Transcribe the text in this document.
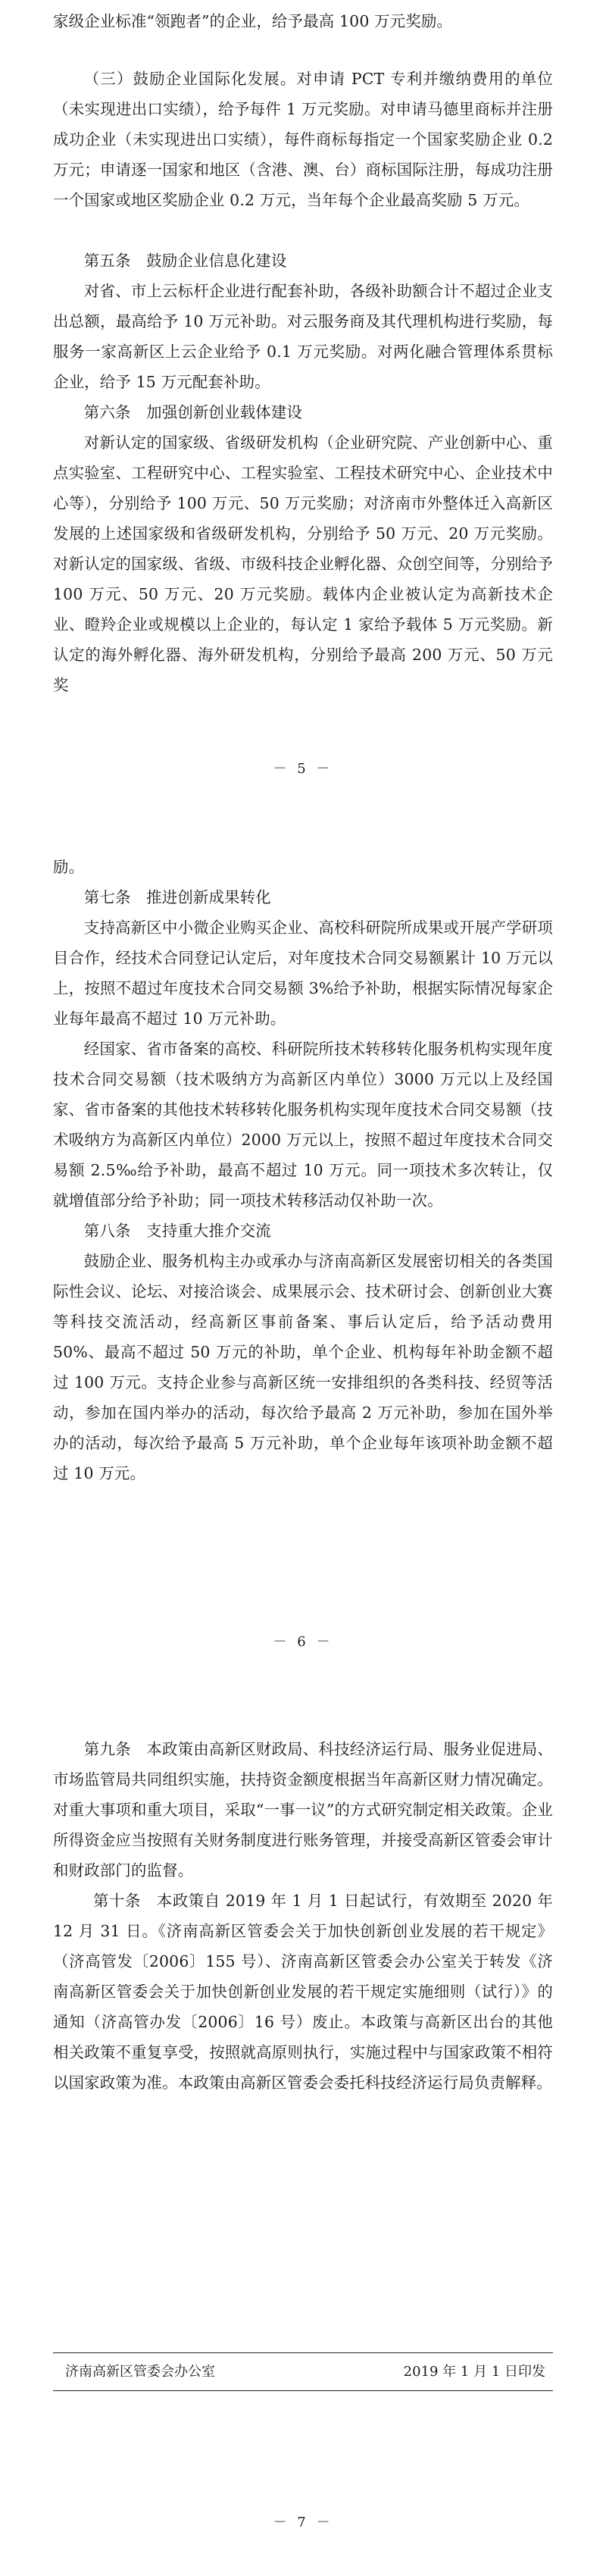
家级企业标准“领跑者”的企业，给予最高 100 万元奖励。

（三）鼓励企业国际化发展。对申请 PCT 专利并缴纳费用的单位（未实现进出口实绩），给予每件 1 万元奖励。对申请马德里商标并注册成功企业（未实现进出口实绩），每件商标每指定一个国家奖励企业 0.2 万元；申请逐一国家和地区（含港、澳、台）商标国际注册，每成功注册一个国家或地区奖励企业 0.2 万元，当年每个企业最高奖励 5 万元。

第五条　鼓励企业信息化建设

对省、市上云标杆企业进行配套补助，各级补助额合计不超过企业支出总额，最高给予 10 万元补助。对云服务商及其代理机构进行奖励，每服务一家高新区上云企业给予 0.1 万元奖励。对两化融合管理体系贯标企业，给予 15 万元配套补助。

第六条　加强创新创业载体建设

对新认定的国家级、省级研发机构（企业研究院、产业创新中心、重点实验室、工程研究中心、工程实验室、工程技术研究中心、企业技术中心等），分别给予 100 万元、50 万元奖励；对济南市外整体迁入高新区发展的上述国家级和省级研发机构，分别给予 50 万元、20 万元奖励。对新认定的国家级、省级、市级科技企业孵化器、众创空间等，分别给予 100 万元、50 万元、20 万元奖励。载体内企业被认定为高新技术企业、瞪羚企业或规模以上企业的，每认定 1 家给予载体 5 万元奖励。新认定的海外孵化器、海外研发机构，分别给予最高 200 万元、50 万元奖

－ 5 －

励。

第七条　推进创新成果转化

支持高新区中小微企业购买企业、高校科研院所成果或开展产学研项目合作，经技术合同登记认定后，对年度技术合同交易额累计 10 万元以上，按照不超过年度技术合同交易额 3%给予补助，根据实际情况每家企业每年最高不超过 10 万元补助。

经国家、省市备案的高校、科研院所技术转移转化服务机构实现年度技术合同交易额（技术吸纳方为高新区内单位）3000 万元以上及经国家、省市备案的其他技术转移转化服务机构实现年度技术合同交易额（技术吸纳方为高新区内单位）2000 万元以上，按照不超过年度技术合同交易额 2.5‰给予补助，最高不超过 10 万元。同一项技术多次转让，仅就增值部分给予补助；同一项技术转移活动仅补助一次。

第八条　支持重大推介交流

鼓励企业、服务机构主办或承办与济南高新区发展密切相关的各类国际性会议、论坛、对接洽谈会、成果展示会、技术研讨会、创新创业大赛等科技交流活动，经高新区事前备案、事后认定后，给予活动费用 50%、最高不超过 50 万元的补助，单个企业、机构每年补助金额不超过 100 万元。支持企业参与高新区统一安排组织的各类科技、经贸等活动，参加在国内举办的活动，每次给予最高 2 万元补助，参加在国外举办的活动，每次给予最高 5 万元补助，单个企业每年该项补助金额不超过 10 万元。

－ 6 －

第九条　本政策由高新区财政局、科技经济运行局、服务业促进局、市场监管局共同组织实施，扶持资金额度根据当年高新区财力情况确定。对重大事项和重大项目，采取“一事一议”的方式研究制定相关政策。企业所得资金应当按照有关财务制度进行账务管理，并接受高新区管委会审计和财政部门的监督。

第十条　本政策自 2019 年 1 月 1 日起试行，有效期至 2020 年 12 月 31 日。《济南高新区管委会关于加快创新创业发展的若干规定》（济高管发〔2006〕155 号）、济南高新区管委会办公室关于转发《济南高新区管委会关于加快创新创业发展的若干规定实施细则（试行）》的通知（济高管办发〔2006〕16 号）废止。本政策与高新区出台的其他相关政策不重复享受，按照就高原则执行，实施过程中与国家政策不相符以国家政策为准。本政策由高新区管委会委托科技经济运行局负责解释。

济南高新区管委会办公室	2019 年 1 月 1 日印发
－ 7 －
